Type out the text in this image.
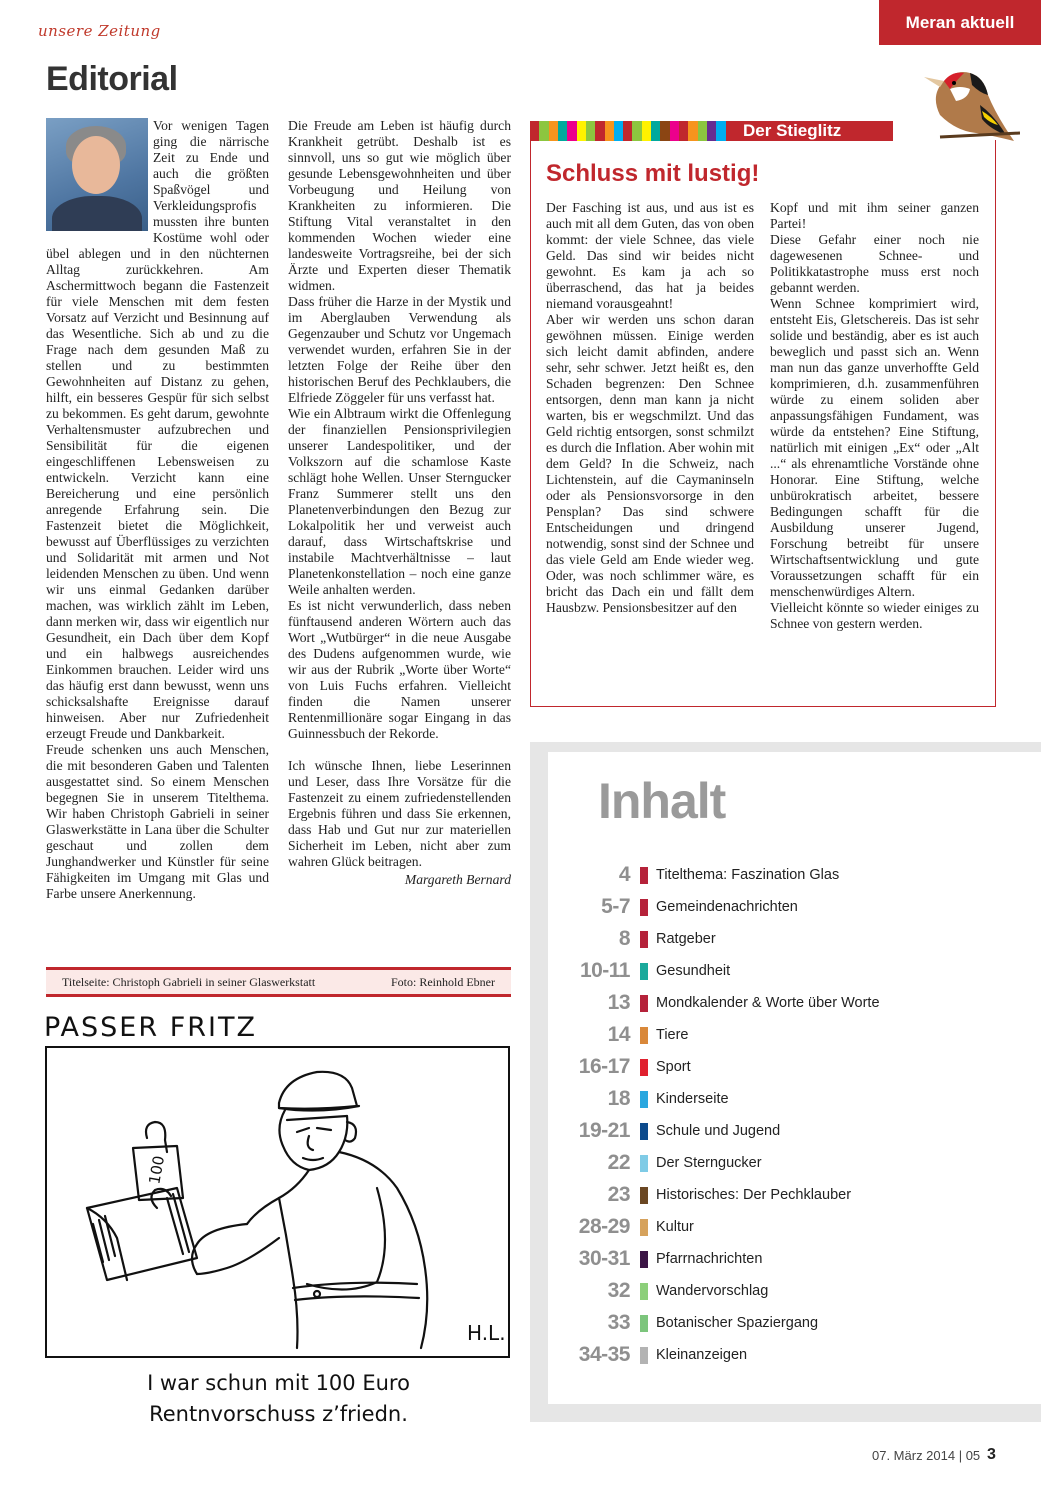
unsere Zeitung	Meran aktuell
Editorial

Vor wenigen Tagen ging die närrische Zeit zu Ende und auch die größten Spaßvögel und Verkleidungsprofis mussten ihre bunten Kostüme wohl oder übel ablegen und in den nüchternen Alltag zurückkehren. Am Aschermittwoch begann die Fastenzeit für viele Menschen mit dem festen Vorsatz auf Verzicht und Besinnung auf das Wesentliche. Sich ab und zu die Frage nach dem gesunden Maß zu stellen und zu bestimmten Gewohnheiten auf Distanz zu gehen, hilft, ein besseres Gespür für sich selbst zu bekommen. Es geht darum, gewohnte Verhaltensmuster aufzubrechen und Sensibilität für die eigenen eingeschliffenen Lebensweisen zu entwickeln. Verzicht kann eine Bereicherung und eine persönlich anregende Erfahrung sein. Die Fastenzeit bietet die Möglichkeit, bewusst auf Überflüssiges zu verzichten und Solidarität mit armen und Not leidenden Menschen zu üben. Und wenn wir uns einmal Gedanken darüber machen, was wirklich zählt im Leben, dann merken wir, dass wir eigentlich nur Gesundheit, ein Dach über dem Kopf und ein halbwegs ausreichendes Einkommen brauchen. Leider wird uns das häufig erst dann bewusst, wenn uns schicksalshafte Ereignisse darauf hinweisen. Aber nur Zufriedenheit erzeugt Freude und Dankbarkeit.

Freude schenken uns auch Menschen, die mit besonderen Gaben und Talenten ausgestattet sind. So einem Menschen begegnen Sie in unserem Titelthema. Wir haben Christoph Gabrieli in seiner Glaswerkstätte in Lana über die Schulter geschaut und zollen dem Junghandwerker und Künstler für seine Fähigkeiten im Umgang mit Glas und Farbe unsere Anerkennung.

Die Freude am Leben ist häufig durch Krankheit getrübt. Deshalb ist es sinnvoll, uns so gut wie möglich über gesunde Lebensgewohnheiten und über Vorbeugung und Heilung von Krankheiten zu informieren. Die Stiftung Vital veranstaltet in den kommenden Wochen wieder eine landesweite Vortragsreihe, bei der sich Ärzte und Experten dieser Thematik widmen.

Dass früher die Harze in der Mystik und im Aberglauben Verwendung als Gegenzauber und Schutz vor Ungemach verwendet wurden, erfahren Sie in der letzten Folge der Reihe über den historischen Beruf des Pechklaubers, die Elfriede Zöggeler für uns verfasst hat.

Wie ein Albtraum wirkt die Offenlegung der finanziellen Pensionsprivilegien unserer Landespolitiker, und der Volkszorn auf die schamlose Kaste schlägt hohe Wellen. Unser Sterngucker Franz Summerer stellt uns den Planetenverbindungen den Bezug zur Lokalpolitik her und verweist auch darauf, dass Wirtschaftskrise und instabile Machtverhältnisse – laut Planetenkonstellation – noch eine ganze Weile anhalten werden.

Es ist nicht verwunderlich, dass neben fünftausend anderen Wörtern auch das Wort „Wutbürger“ in die neue Ausgabe des Dudens aufgenommen wurde, wie wir aus der Rubrik „Worte über Worte“ von Luis Fuchs erfahren. Vielleicht finden die Namen unserer Rentenmillionäre sogar Eingang in das Guinnessbuch der Rekorde.

Ich wünsche Ihnen, liebe Leserinnen und Leser, dass Ihre Vorsätze für die Fastenzeit zu einem zufriedenstellenden Ergebnis führen und dass Sie erkennen, dass Hab und Gut nur zur materiellen Sicherheit im Leben, nicht aber zum wahren Glück beitragen.

Margareth Bernard
Titelseite: Christoph Gabrieli in seiner Glaswerkstatt	Foto: Reinhold Ebner
PASSER FRITZ
100
H.L.
I war schun mit 100 Euro
Rentnvorschuss z’friedn.
Der Stieglitz
Schluss mit lustig!

Der Fasching ist aus, und aus ist es auch mit all dem Guten, das von oben kommt: der viele Schnee, das viele Geld. Das sind wir beides nicht gewohnt. Es kam ja ach so überraschend, das hat ja beides niemand vorausgeahnt!

Aber wir werden uns schon daran gewöhnen müssen. Einige werden sich leicht damit abfinden, andere sehr, sehr schwer. Jetzt heißt es, den Schaden begrenzen: Den Schnee entsorgen, denn man kann ja nicht warten, bis er wegschmilzt. Und das Geld richtig entsorgen, sonst schmilzt es durch die Inflation. Aber wohin mit dem Geld? In die Schweiz, nach Lichtenstein, auf die Caymaninseln oder als Pensionsvorsorge in den Pensplan? Das sind schwere Entscheidungen und dringend notwendig, sonst sind der Schnee und das viele Geld am Ende wieder weg. Oder, was noch schlimmer wäre, es bricht das Dach ein und fällt dem Hausbzw. Pensionsbesitzer auf den

Kopf und mit ihm seiner ganzen Partei!

Diese Gefahr einer noch nie dagewesenen Schnee- und Politikkatastrophe muss erst noch gebannt werden.

Wenn Schnee komprimiert wird, entsteht Eis, Gletschereis. Das ist sehr solide und beständig, aber es ist auch beweglich und passt sich an. Wenn man nun das ganze unverhoffte Geld komprimieren, d.h. zusammenführen würde zu einem soliden aber anpassungsfähigen Fundament, was würde da entstehen? Eine Stiftung, natürlich mit einigen „Ex“ oder „Alt ...“ als ehrenamtliche Vorstände ohne Honorar. Eine Stiftung, welche unbürokratisch arbeitet, bessere Bedingungen schafft für die Ausbildung unserer Jugend, Forschung betreibt für unsere Wirtschaftsentwicklung und gute Voraussetzungen schafft für ein menschenwürdiges Altern.

Vielleicht könnte so wieder einiges zu Schnee von gestern werden.

Inhalt
4 Titelthema: Faszination Glas
5-7 Gemeindenachrichten
8 Ratgeber
10-11 Gesundheit
13 Mondkalender & Worte über Worte
14 Tiere
16-17 Sport
18 Kinderseite
19-21 Schule und Jugend
22 Der Sterngucker
23 Historisches: Der Pechklauber
28-29 Kultur
30-31 Pfarrnachrichten
32 Wandervorschlag
33 Botanischer Spaziergang
34-35 Kleinanzeigen
07. März 2014 | 05 3
